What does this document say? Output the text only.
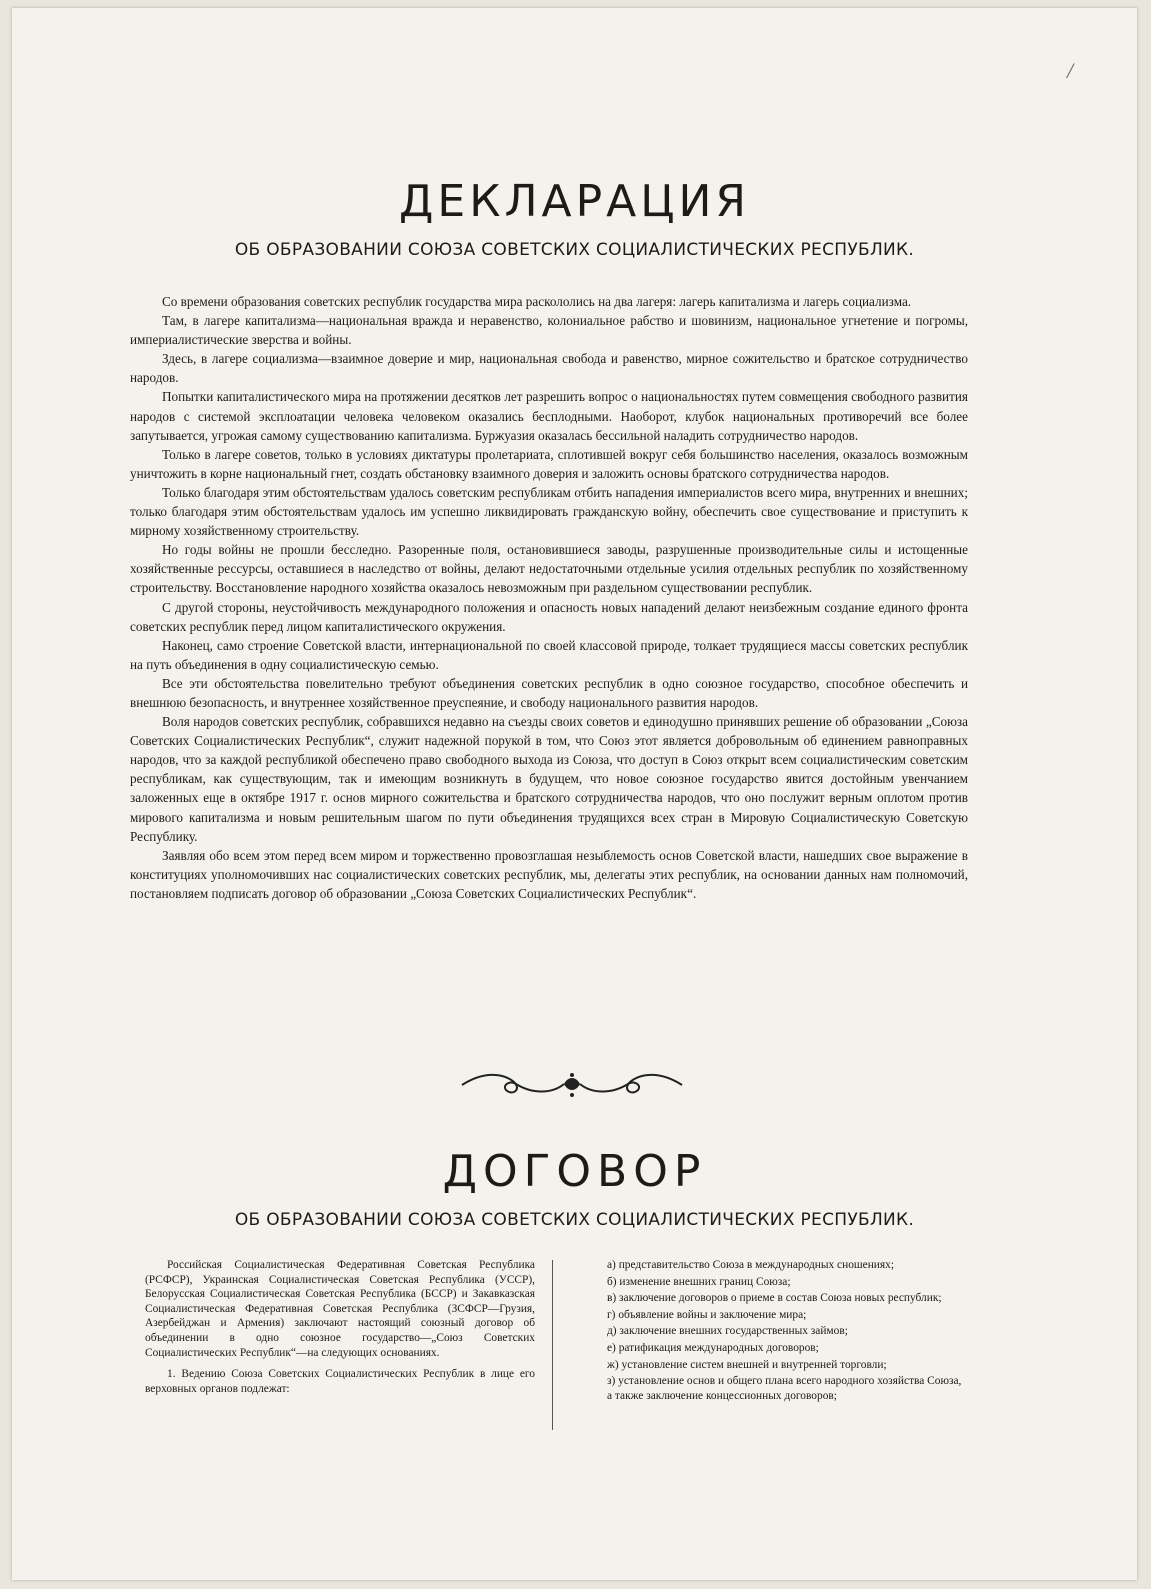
/
ДЕКЛАРАЦИЯ
ОБ ОБРАЗОВАНИИ СОЮЗА СОВЕТСКИХ СОЦИАЛИСТИЧЕСКИХ РЕСПУБЛИК.

Со времени образования советских республик государства мира раскололись на два лагеря: лагерь капитализма и лагерь социализма.

Там, в лагере капитализма—национальная вражда и неравенство, колониальное рабство и шовинизм, национальное угнетение и погромы, империалистические зверства и войны.

Здесь, в лагере социализма—взаимное доверие и мир, национальная свобода и равенство, мирное сожительство и братское сотрудничество народов.

Попытки капиталистического мира на протяжении десятков лет разрешить вопрос о национальностях путем совмещения свободного развития народов с системой эксплоатации человека человеком оказались бесплодными. Наоборот, клубок национальных противоречий все более запутывается, угрожая самому существованию капитализма. Буржуазия оказалась бессильной наладить сотрудничество народов.

Только в лагере советов, только в условиях диктатуры пролетариата, сплотившей вокруг себя большинство населения, оказалось возможным уничтожить в корне национальный гнет, создать обстановку взаимного доверия и заложить основы братского сотрудничества народов.

Только благодаря этим обстоятельствам удалось советским республикам отбить нападения империалистов всего мира, внутренних и внешних; только благодаря этим обстоятельствам удалось им успешно ликвидировать гражданскую войну, обеспечить свое существование и приступить к мирному хозяйственному строительству.

Но годы войны не прошли бесследно. Разоренные поля, остановившиеся заводы, разрушенные производительные силы и истощенные хозяйственные рессурсы, оставшиеся в наследство от войны, делают недостаточными отдельные усилия отдельных республик по хозяйственному строительству. Восстановление народного хозяйства оказалось невозможным при раздельном существовании республик.

С другой стороны, неустойчивость международного положения и опасность новых нападений делают неизбежным создание единого фронта советских республик перед лицом капиталистического окружения.

Наконец, само строение Советской власти, интернациональной по своей классовой природе, толкает трудящиеся массы советских республик на путь объединения в одну социалистическую семью.

Все эти обстоятельства повелительно требуют объединения советских республик в одно союзное государство, способное обеспечить и внешнюю безопасность, и внутреннее хозяйственное преуспеяние, и свободу национального развития народов.

Воля народов советских республик, собравшихся недавно на съезды своих советов и единодушно принявших решение об образовании „Союза Советских Социалистических Республик“, служит надежной порукой в том, что Союз этот является добровольным об единением равноправных народов, что за каждой республикой обеспечено право свободного выхода из Союза, что доступ в Союз открыт всем социалистическим советским республикам, как существующим, так и имеющим возникнуть в будущем, что новое союзное государство явится достойным увенчанием заложенных еще в октябре 1917 г. основ мирного сожительства и братского сотрудничества народов, что оно послужит верным оплотом против мирового капитализма и новым решительным шагом по пути объединения трудящихся всех стран в Мировую Социалистическую Советскую Республику.

Заявляя обо всем этом перед всем миром и торжественно провозглашая незыблемость основ Советской власти, нашедших свое выражение в конституциях уполномочивших нас социалистических советских республик, мы, делегаты этих республик, на основании данных нам полномочий, постановляем подписать договор об образовании „Союза Советских Социалистических Республик“.

ДОГОВОР
ОБ ОБРАЗОВАНИИ СОЮЗА СОВЕТСКИХ СОЦИАЛИСТИЧЕСКИХ РЕСПУБЛИК.

Российская Социалистическая Федеративная Советская Республика (РСФСР), Украинская Социалистическая Советская Республика (УССР), Белорусская Социалистическая Советская Республика (БССР) и Закавказская Социалистическая Федеративная Советская Республика (ЗСФСР—Грузия, Азербейджан и Армения) заключают настоящий союзный договор об объединении в одно союзное государство—„Союз Советских Социалистических Республик“—на следующих основаниях.

1. Ведению Союза Советских Социалистических Республик в лице его верховных органов подлежат:

а) представительство Союза в международных сношениях;
б) изменение внешних границ Союза;
в) заключение договоров о приеме в состав Союза новых республик;
г) объявление войны и заключение мира;
д) заключение внешних государственных займов;
е) ратификация международных договоров;
ж) установление систем внешней и внутренней торговли;
з) установление основ и общего плана всего народного хозяйства Союза, а также заключение концессионных договоров;
